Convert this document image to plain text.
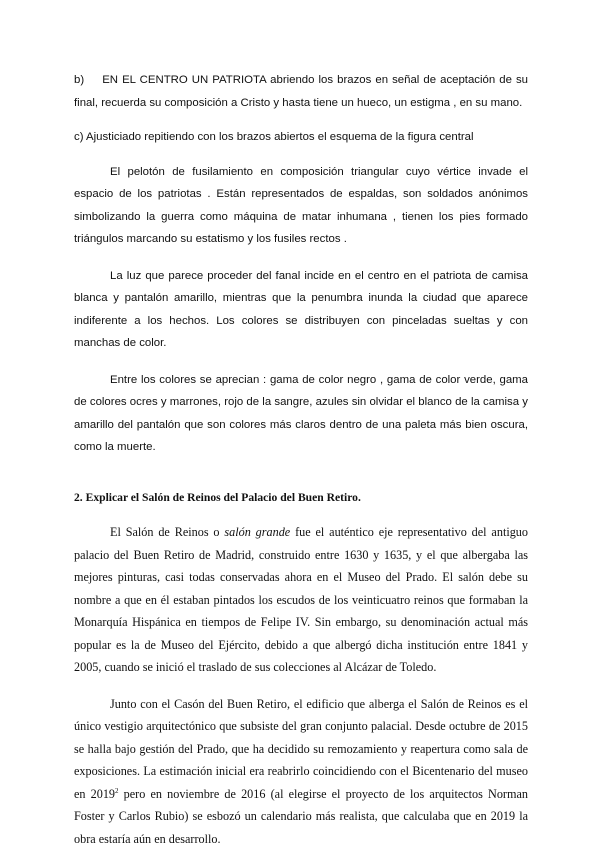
b) EN EL CENTRO UN PATRIOTA abriendo los brazos en señal de aceptación de su final, recuerda su composición a Cristo y hasta tiene un hueco, un estigma , en su mano.

c) Ajusticiado repitiendo con los brazos abiertos el esquema de la figura central

El pelotón de fusilamiento en composición triangular cuyo vértice invade el espacio de los patriotas . Están representados de espaldas, son soldados anónimos simbolizando la guerra como máquina de matar inhumana , tienen los pies formado triángulos marcando su estatismo y los fusiles rectos .

La luz que parece proceder del fanal incide en el centro en el patriota de camisa blanca y pantalón amarillo, mientras que la penumbra inunda la ciudad que aparece indiferente a los hechos. Los colores se distribuyen con pinceladas sueltas y con manchas de color.

Entre los colores se aprecian : gama de color negro , gama de color verde, gama de colores ocres y marrones, rojo de la sangre, azules sin olvidar el blanco de la camisa y amarillo del pantalón que son colores más claros dentro de una paleta más bien oscura, como la muerte.

2. Explicar el Salón de Reinos del Palacio del Buen Retiro.

El Salón de Reinos o salón grande fue el auténtico eje representativo del antiguo palacio del Buen Retiro de Madrid, construido entre 1630 y 1635, y el que albergaba las mejores pinturas, casi todas conservadas ahora en el Museo del Prado. El salón debe su nombre a que en él estaban pintados los escudos de los veinticuatro reinos que formaban la Monarquía Hispánica en tiempos de Felipe IV. Sin embargo, su denominación actual más popular es la de Museo del Ejército, debido a que albergó dicha institución entre 1841 y 2005, cuando se inició el traslado de sus colecciones al Alcázar de Toledo.

Junto con el Casón del Buen Retiro, el edificio que alberga el Salón de Reinos es el único vestigio arquitectónico que subsiste del gran conjunto palacial. Desde octubre de 2015 se halla bajo gestión del Prado, que ha decidido su remozamiento y reapertura como sala de exposiciones. La estimación inicial era reabrirlo coincidiendo con el Bicentenario del museo en 2019$^2$ pero en noviembre de 2016 (al elegirse el proyecto de los arquitectos Norman Foster y Carlos Rubio) se esbozó un calendario más realista, que calculaba que en 2019 la obra estaría aún en desarrollo.
